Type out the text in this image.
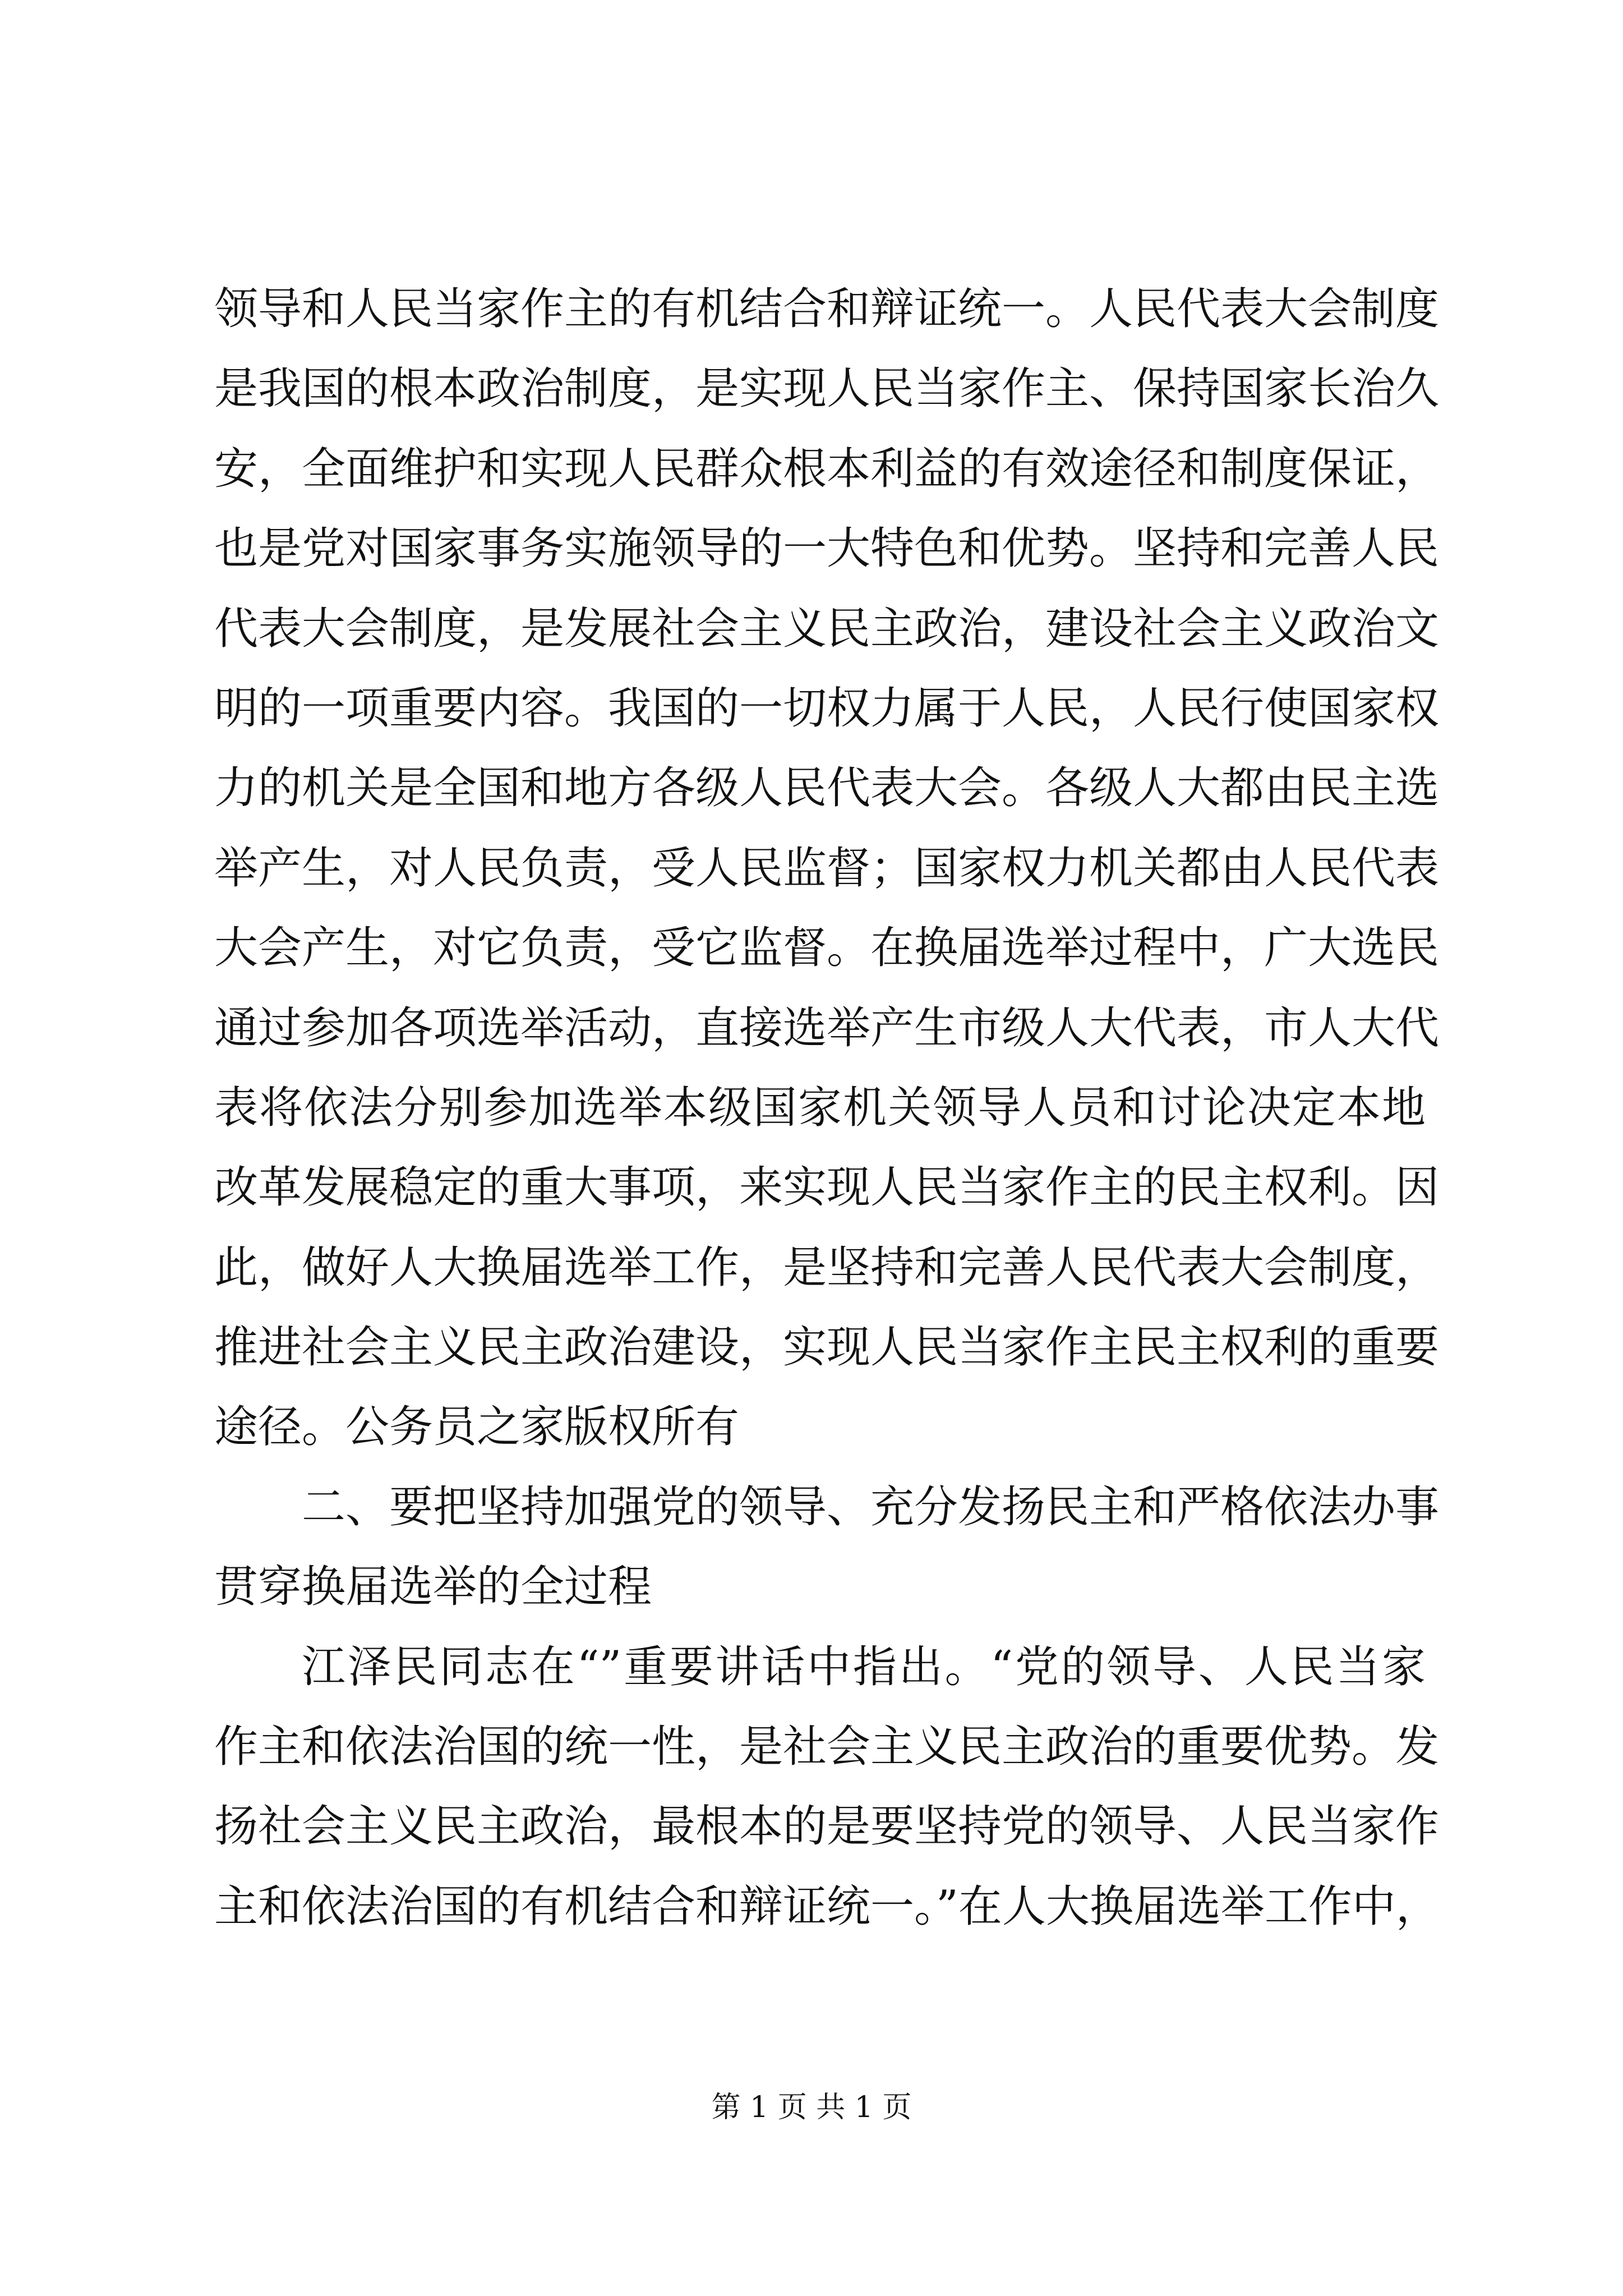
领导和人民当家作主的有机结合和辩证统一。人民代表大会制度
是我国的根本政治制度，是实现人民当家作主、保持国家长治久
安，全面维护和实现人民群众根本利益的有效途径和制度保证，
也是党对国家事务实施领导的一大特色和优势。坚持和完善人民
代表大会制度，是发展社会主义民主政治，建设社会主义政治文
明的一项重要内容。我国的一切权力属于人民，人民行使国家权
力的机关是全国和地方各级人民代表大会。各级人大都由民主选
举产生，对人民负责，受人民监督；国家权力机关都由人民代表
大会产生，对它负责，受它监督。在换届选举过程中，广大选民
通过参加各项选举活动，直接选举产生市级人大代表，市人大代
表将依法分别参加选举本级国家机关领导人员和讨论决定本地
改革发展稳定的重大事项，来实现人民当家作主的民主权利。因
此，做好人大换届选举工作，是坚持和完善人民代表大会制度，
推进社会主义民主政治建设，实现人民当家作主民主权利的重要
途径。公务员之家版权所有
二、要把坚持加强党的领导、充分发扬民主和严格依法办事
贯穿换届选举的全过程
江泽民同志在“”重要讲话中指出。“党的领导、人民当家
作主和依法治国的统一性，是社会主义民主政治的重要优势。发
扬社会主义民主政治，最根本的是要坚持党的领导、人民当家作
主和依法治国的有机结合和辩证统一。”在人大换届选举工作中，
第 1 页 共 1 页
